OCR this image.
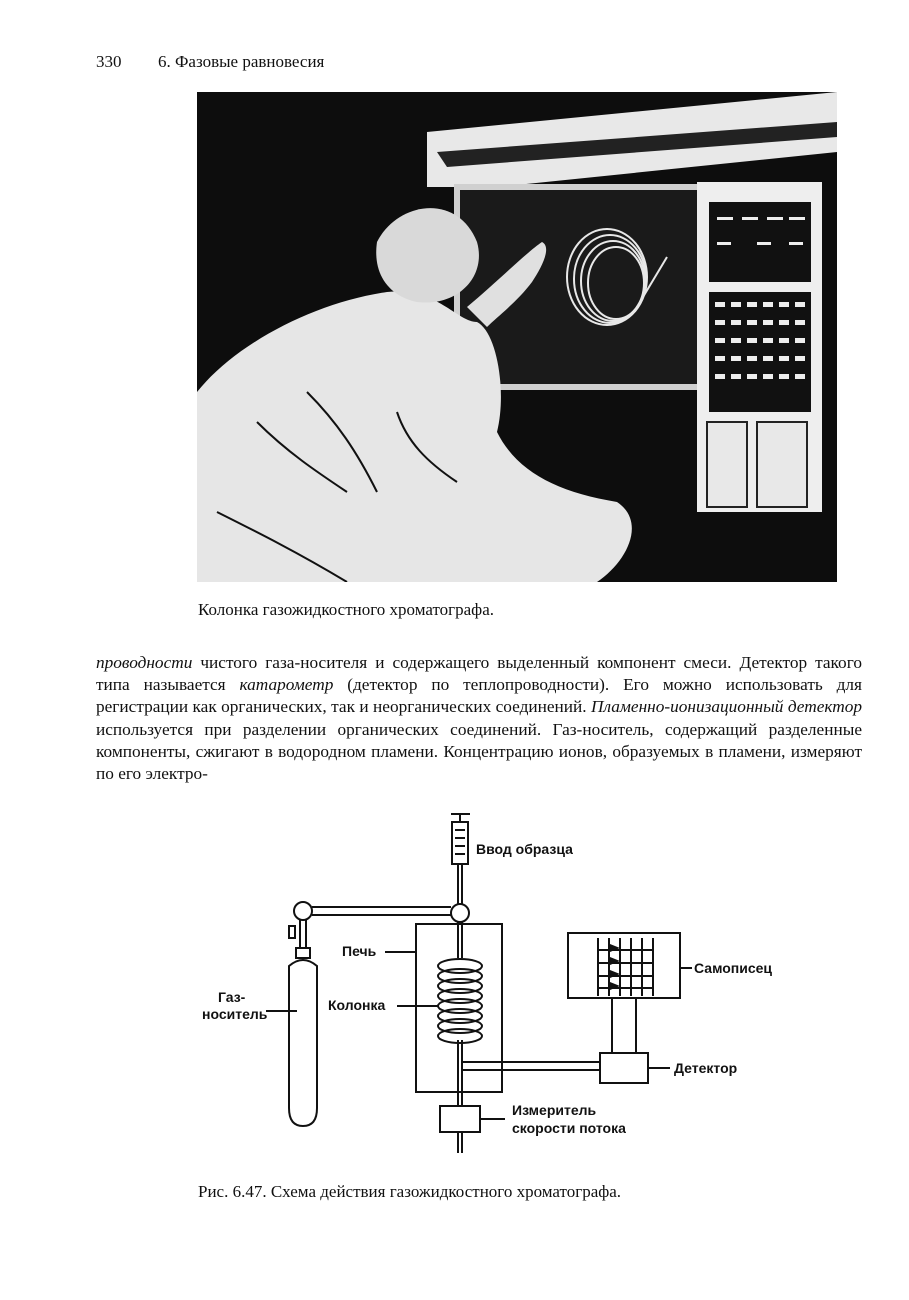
330 6. Фазовые равновесия
Колонка газожидкостного хроматографа.
проводности чистого газа-носителя и содержащего выделенный компонент смеси. Детектор такого типа называется катарометр (детектор по теплопроводности). Его можно использовать для регистрации как органических, так и неорганических соединений. Пламенно-ионизационный детектор используется при разделении органических соединений. Газ-носитель, содержащий разделенные компоненты, сжигают в водородном пламени. Концентрацию ионов, образуемых в пламени, измеряют по его электро-
Ввод образца
Печь
Колонка
Газ-
носитель
Самописец
Детектор
Измеритель
скорости потока
Рис. 6.47. Схема действия газожидкостного хроматографа.
